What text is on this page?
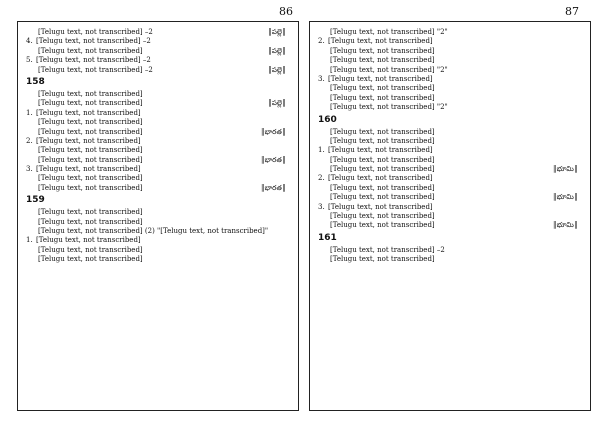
86	87
[Telugu text, not transcribed] –2	║పల్లె║
4. [Telugu text, not transcribed] –2
[Telugu text, not transcribed]	║పల్లె║
5. [Telugu text, not transcribed] –2
[Telugu text, not transcribed] –2	║పల్లె║
158
[Telugu text, not transcribed]
[Telugu text, not transcribed]	║పల్లె║
1. [Telugu text, not transcribed]
[Telugu text, not transcribed]
[Telugu text, not transcribed]	║భారత║
2. [Telugu text, not transcribed]
[Telugu text, not transcribed]
[Telugu text, not transcribed]	║భారత║
3. [Telugu text, not transcribed]
[Telugu text, not transcribed]
[Telugu text, not transcribed]	║భారత║
159
[Telugu text, not transcribed]
[Telugu text, not transcribed]
[Telugu text, not transcribed] (2) "[Telugu text, not transcribed]"
1. [Telugu text, not transcribed]
[Telugu text, not transcribed]
[Telugu text, not transcribed]
[Telugu text, not transcribed] "2"
2. [Telugu text, not transcribed]
[Telugu text, not transcribed]
[Telugu text, not transcribed]
[Telugu text, not transcribed] "2"
3. [Telugu text, not transcribed]
[Telugu text, not transcribed]
[Telugu text, not transcribed]
[Telugu text, not transcribed] "2"
160
[Telugu text, not transcribed]
[Telugu text, not transcribed]
1. [Telugu text, not transcribed]
[Telugu text, not transcribed]
[Telugu text, not transcribed]	║భూమి║
2. [Telugu text, not transcribed]
[Telugu text, not transcribed]
[Telugu text, not transcribed]	║భూమి║
3. [Telugu text, not transcribed]
[Telugu text, not transcribed]
[Telugu text, not transcribed]	║భూమి║
161
[Telugu text, not transcribed] –2
[Telugu text, not transcribed]
